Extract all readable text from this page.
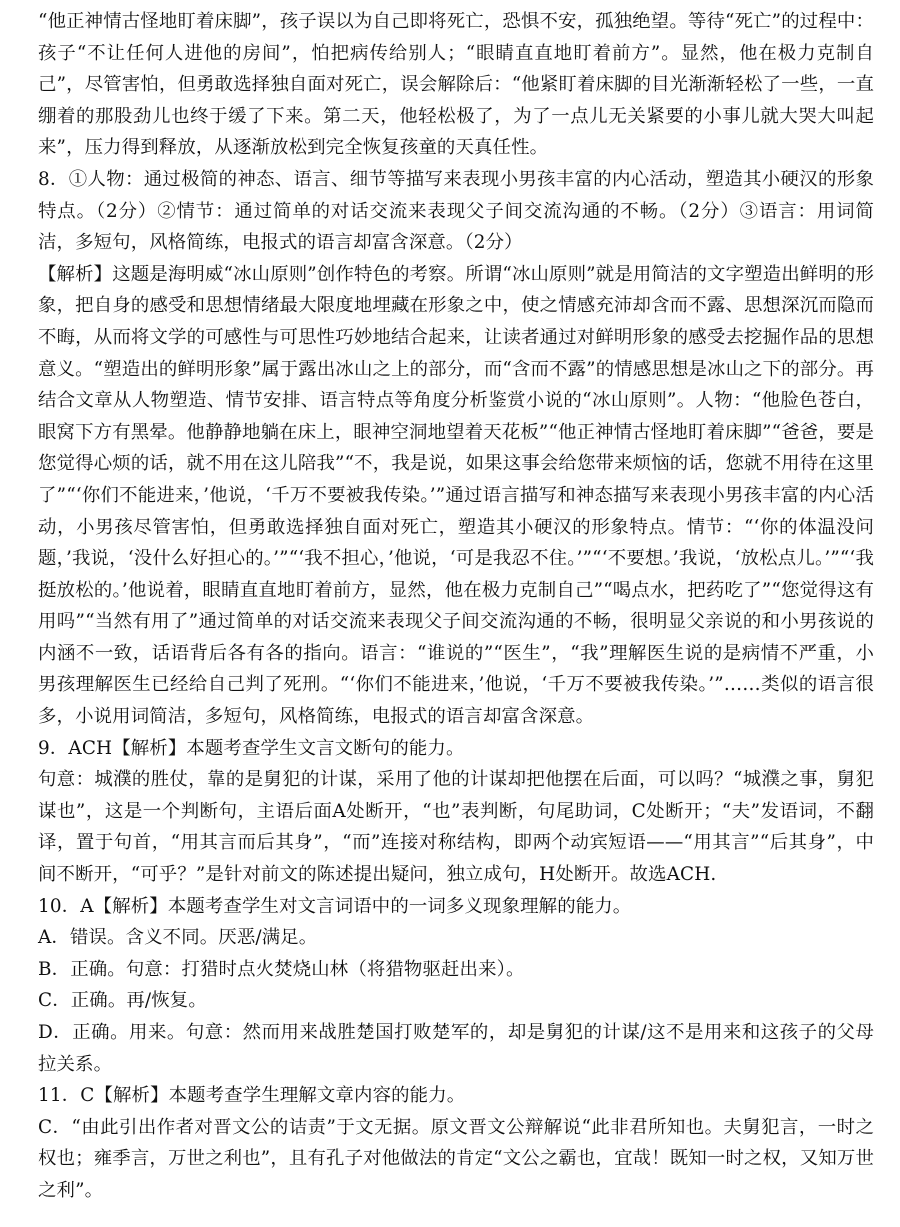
“他正神情古怪地盯着床脚”，孩子误以为自己即将死亡，恐惧不安，孤独绝望。等待“死亡”的过程中：孩子“不让任何人进他的房间”，怕把病传给别人；“眼睛直直地盯着前方”。显然，他在极力克制自己”，尽管害怕，但勇敢选择独自面对死亡，误会解除后：“他紧盯着床脚的目光渐渐轻松了一些，一直绷着的那股劲儿也终于缓了下来。第二天，他轻松极了，为了一点儿无关紧要的小事儿就大哭大叫起来”，压力得到释放，从逐渐放松到完全恢复孩童的天真任性。

8．①人物：通过极简的神态、语言、细节等描写来表现小男孩丰富的内心活动，塑造其小硬汉的形象特点。（2分）②情节：通过简单的对话交流来表现父子间交流沟通的不畅。（2分）③语言：用词简洁，多短句，风格简练，电报式的语言却富含深意。（2分）

【解析】这题是海明威“冰山原则”创作特色的考察。所谓“冰山原则”就是用简洁的文字塑造出鲜明的形象，把自身的感受和思想情绪最大限度地埋藏在形象之中，使之情感充沛却含而不露、思想深沉而隐而不晦，从而将文学的可感性与可思性巧妙地结合起来，让读者通过对鲜明形象的感受去挖掘作品的思想意义。“塑造出的鲜明形象”属于露出冰山之上的部分，而“含而不露”的情感思想是冰山之下的部分。再结合文章从人物塑造、情节安排、语言特点等角度分析鉴赏小说的“冰山原则”。人物：“他脸色苍白，眼窝下方有黑晕。他静静地躺在床上，眼神空洞地望着天花板”“他正神情古怪地盯着床脚”“爸爸，要是您觉得心烦的话，就不用在这儿陪我”“不，我是说，如果这事会给您带来烦恼的话，您就不用待在这里了”“‘你们不能进来，’他说，‘千万不要被我传染。’”通过语言描写和神态描写来表现小男孩丰富的内心活动，小男孩尽管害怕，但勇敢选择独自面对死亡，塑造其小硬汉的形象特点。情节：“‘你的体温没问题，’我说，‘没什么好担心的。’”“‘我不担心，’他说，‘可是我忍不住。’”“‘不要想。’我说，‘放松点儿。’”“‘我挺放松的。’他说着，眼睛直直地盯着前方，显然，他在极力克制自己”“喝点水，把药吃了”“您觉得这有用吗”“当然有用了”通过简单的对话交流来表现父子间交流沟通的不畅，很明显父亲说的和小男孩说的内涵不一致，话语背后各有各的指向。语言：“谁说的”“医生”，“我”理解医生说的是病情不严重，小男孩理解医生已经给自己判了死刑。“‘你们不能进来，’他说，‘千万不要被我传染。’”……类似的语言很多，小说用词简洁，多短句，风格简练，电报式的语言却富含深意。

9．ACH【解析】本题考查学生文言文断句的能力。

句意：城濮的胜仗，靠的是舅犯的计谋，采用了他的计谋却把他摆在后面，可以吗？“城濮之事，舅犯谋也”，这是一个判断句，主语后面A处断开，“也”表判断，句尾助词，C处断开；“夫”发语词，不翻译，置于句首，“用其言而后其身”，“而”连接对称结构，即两个动宾短语——“用其言”“后其身”，中间不断开，“可乎？”是针对前文的陈述提出疑问，独立成句，H处断开。故选ACH.

10．A【解析】本题考查学生对文言词语中的一词多义现象理解的能力。

A．错误。含义不同。厌恶/满足。

B．正确。句意：打猎时点火焚烧山林（将猎物驱赶出来）。

C．正确。再/恢复。

D．正确。用来。句意：然而用来战胜楚国打败楚军的，却是舅犯的计谋/这不是用来和这孩子的父母拉关系。

11．C【解析】本题考查学生理解文章内容的能力。

C．“由此引出作者对晋文公的诘责”于文无据。原文晋文公辩解说“此非君所知也。夫舅犯言，一时之权也；雍季言，万世之利也”，且有孔子对他做法的肯定“文公之霸也，宜哉！既知一时之权，又知万世之利”。
